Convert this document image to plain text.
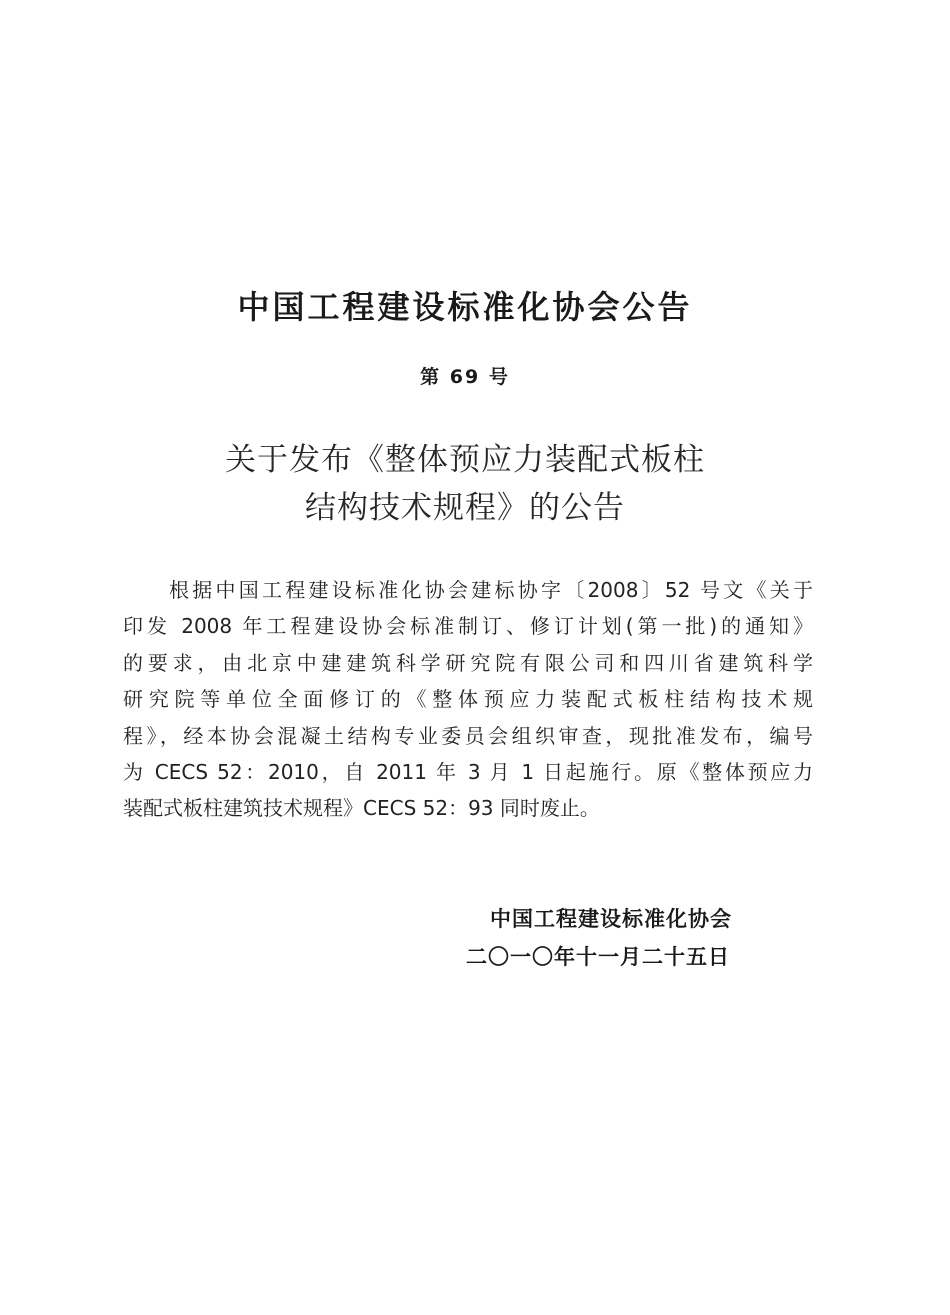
中国工程建设标准化协会公告
第 69 号
关于发布《整体预应力装配式板柱
结构技术规程》的公告
根据中国工程建设标准化协会建标协字〔2008〕52 号文《关于
印发 2008 年工程建设协会标准制订、修订计划(第一批)的通知》
的要求，由北京中建建筑科学研究院有限公司和四川省建筑科学
研究院等单位全面修订的《整体预应力装配式板柱结构技术规
程》，经本协会混凝土结构专业委员会组织审查，现批准发布，编号
为 CECS 52：2010，自 2011 年 3 月 1 日起施行。原《整体预应力
装配式板柱建筑技术规程》CECS 52：93 同时废止。
中国工程建设标准化协会
二〇一〇年十一月二十五日
